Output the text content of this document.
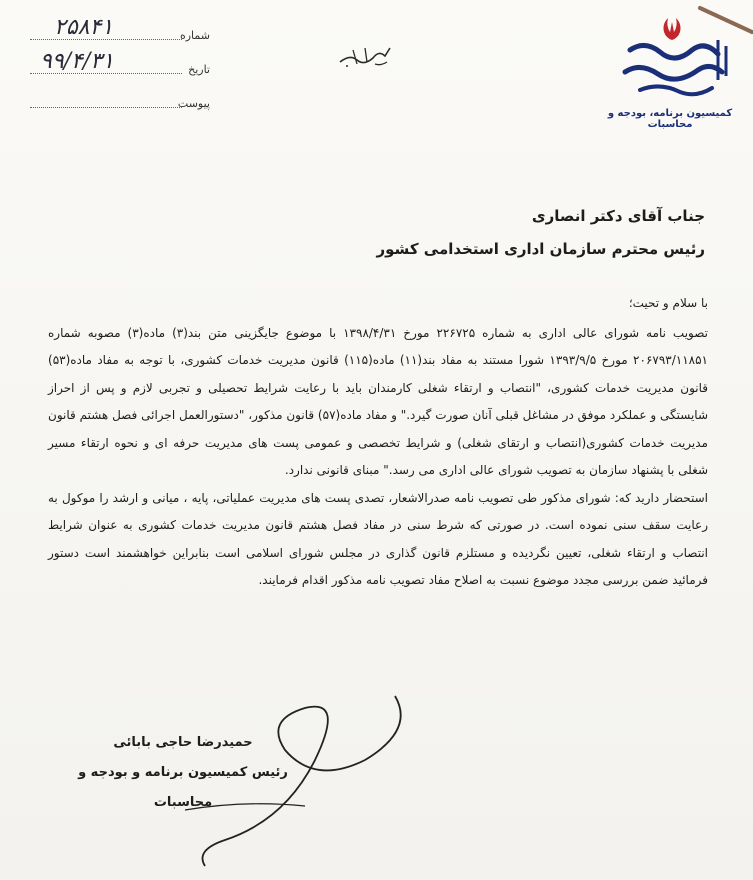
۲۵۸۴۱	شماره
۹۹/۴/۳۱	تاریخ
پیوست
کمیسیون برنامه، بودجه و محاسبات
جناب آقای دکتر انصاری
رئیس محترم سازمان اداری استخدامی کشور

با سلام و تحیت؛

تصویب نامه شورای عالی اداری به شماره ۲۲۶۷۲۵ مورخ ۱۳۹۸/۴/۳۱ با موضوع جایگزینی متن بند(۳) ماده(۳) مصوبه شماره ۲۰۶۷۹۳/۱۱۸۵۱ مورخ ۱۳۹۳/۹/۵ شورا مستند به مفاد بند(۱۱) ماده(۱۱۵) قانون مدیریت خدمات کشوری، با توجه به مفاد ماده(۵۳) قانون مدیریت خدمات کشوری، "انتصاب و ارتقاء شغلی کارمندان باید با رعایت شرایط تحصیلی و تجربی لازم و پس از احراز شایستگی و عملکرد موفق در مشاغل قبلی آنان صورت گیرد." و مفاد ماده(۵۷) قانون مذکور، "دستورالعمل اجرائی فصل هشتم قانون مدیریت خدمات کشوری(انتصاب و ارتقای شغلی) و شرایط تخصصی و عمومی پست های مدیریت حرفه ای و نحوه ارتقاء مسیر شغلی با پشنهاد سازمان به تصویب شورای عالی اداری می رسد." مبنای قانونی ندارد.

استحضار دارید که: شورای مذکور طی تصویب نامه صدرالاشعار، تصدی پست های مدیریت عملیاتی، پایه ، میانی و ارشد را موکول به رعایت سقف سنی نموده است. در صورتی که شرط سنی در مفاد فصل هشتم قانون مدیریت خدمات کشوری به عنوان شرایط انتصاب و ارتقاء شغلی، تعیین نگردیده و مستلزم قانون گذاری در مجلس شورای اسلامی است بنابراین خواهشمند است دستور فرمائید ضمن بررسی مجدد موضوع نسبت به اصلاح مفاد تصویب نامه مذکور اقدام فرمایند.

حمیدرضا حاجی بابائی
رئیس کمیسیون برنامه و بودجه و محاسبات
